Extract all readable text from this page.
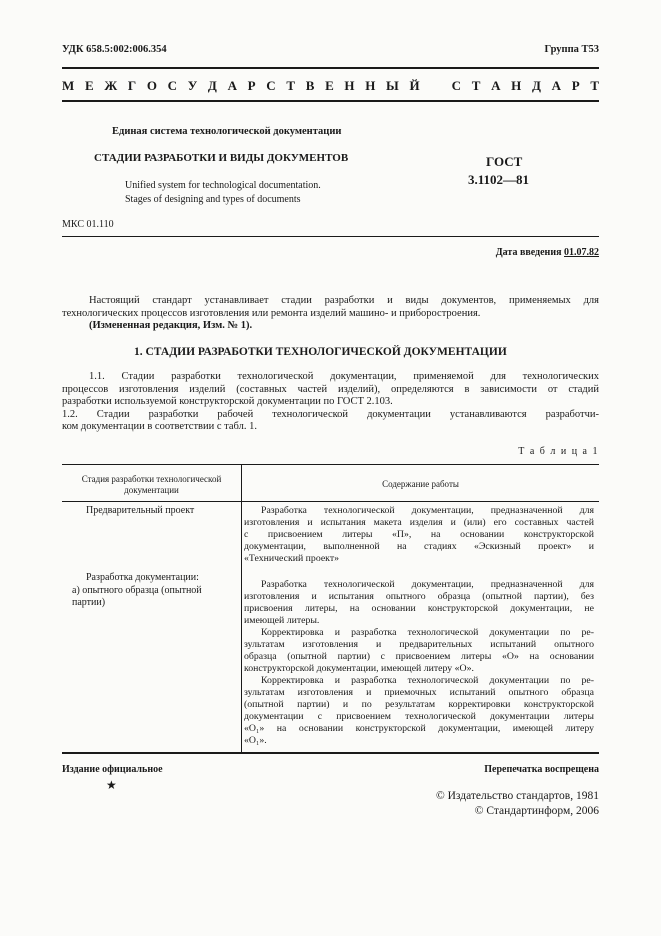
УДК 658.5:002:006.354	Группа Т53
М Е Ж Г О С У Д А Р С Т В Е Н Н Ы Й   С Т А Н Д А Р Т
Единая система технологической документации
СТАДИИ РАЗРАБОТКИ И ВИДЫ ДОКУМЕНТОВ
Unified system for technological documentation.
Stages of designing and types of documents
ГОСТ
3.1102—81
МКС 01.110
Дата введения 01.07.82
Настоящий стандарт устанавливает стадии разработки и виды документов, применяемых для
технологических процессов изготовления или ремонта изделий машино- и приборостроения.
(Измененная редакция, Изм. № 1).
1. СТАДИИ РАЗРАБОТКИ ТЕХНОЛОГИЧЕСКОЙ ДОКУМЕНТАЦИИ
1.1. Стадии разработки технологической документации, применяемой для технологических
процессов изготовления изделий (составных частей изделий), определяются в зависимости от стадий
разработки используемой конструкторской документации по ГОСТ 2.103.
1.2. Стадии разработки рабочей технологической документации устанавливаются разработчи-
ком документации в соответствии с табл. 1.
Т а б л и ц а 1
Стадия разработки технологической
документации
Содержание работы
Предварительный проект	Разработка технологической документации, предназначенной для
изготовления и испытания макета изделия и (или) его составных частей
с присвоением литеры «П», на основании конструкторской
документации, выполненной на стадиях «Эскизный проект» и
«Технический проект»
Разработка документации:
а) опытного образца (опытной
партии)
Разработка технологической документации, предназначенной для
изготовления и испытания опытного образца (опытной партии), без
присвоения литеры, на основании конструкторской документации, не
имеющей литеры.
Корректировка и разработка технологической документации по ре-
зультатам изготовления и предварительных испытаний опытного
образца (опытной партии) с присвоением литеры «О» на основании
конструкторской документации, имеющей литеру «О».
Корректировка и разработка технологической документации по ре-
зультатам изготовления и приемочных испытаний опытного образца
(опытной партии) и по результатам корректировки конструкторской
документации с присвоением технологической документации литеры
«O₁» на основании конструкторской документации, имеющей литеру
«O₁».
Издание официальное
★
Перепечатка воспрещена
© Издательство стандартов, 1981
© Стандартинформ, 2006
